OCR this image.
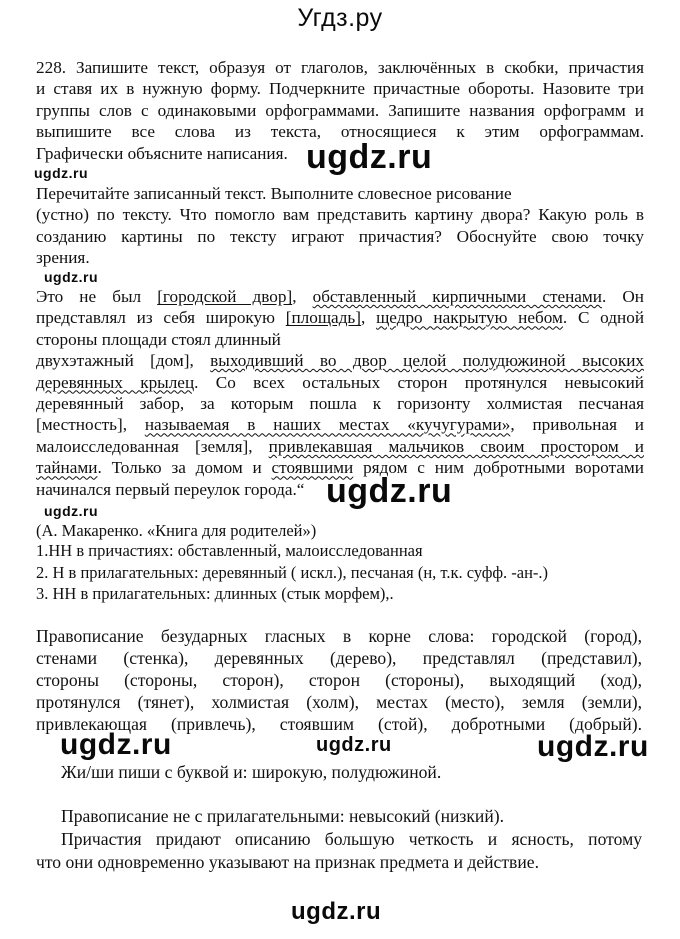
Угдз.ру
228. Запишите текст, образуя от глаголов, заключённых в скобки, причастия
и ставя их в нужную форму. Подчеркните причастные обороты. Назовите три
группы слов с одинаковыми орфограммами. Запишите названия орфограмм и
выпишите все слова из текста, относящиеся к этим орфограммам.
Графически объясните написания. ugdz.ru
ugdz.ru
Перечитайте записанный текст. Выполните словесное рисование
(устно) по тексту. Что помогло вам представить картину двора? Какую роль в
созданию картины по тексту играют причастия? Обоснуйте свою точку
зрения.
ugdz.ru
Это не был [городской двор], обставленный кирпичными стенами. Он
представлял из себя широкую [площадь], щедро накрытую небом. С одной
стороны площади стоял длинный
двухэтажный [дом], выходивший во двор целой полудюжиной высоких
деревянных крылец. Со всех остальных сторон протянулся невысокий
деревянный забор, за которым пошла к горизонту холмистая песчаная
[местность], называемая в наших местах «кучугурами», привольная и
малоисследованная [земля], привлекавшая мальчиков своим простором и
тайнами. Только за домом и стоявшими рядом с ним добротными воротами
начинался первый переулок города.“ ugdz.ru
ugdz.ru
(А. Макаренко. «Книга для родителей»)
1.НН в причастиях: обставленный, малоисследованная
2. Н в прилагательных: деревянный ( искл.), песчаная (н, т.к. суфф. -ан-.)
3. НН в прилагательных: длинных (стык морфем),.
Правописание безударных гласных в корне слова: городской (город),
стенами (стенка), деревянных (дерево), представлял (представил),
стороны (стороны, сторон), сторон (стороны), выходящий (ход),
протянулся (тянет), холмистая (холм), местах (место), земля (земли),
привлекающая (привлечь), стоявшим (стой), добротными (добрый).
ugdz.ru	ugdz.ru	ugdz.ru
Жи/ши пиши с буквой и: широкую, полудюжиной.
Правописание не с прилагательными: невысокий (низкий).
Причастия придают описанию большую четкость и ясность, потому
что они одновременно указывают на признак предмета и действие.
ugdz.ru
